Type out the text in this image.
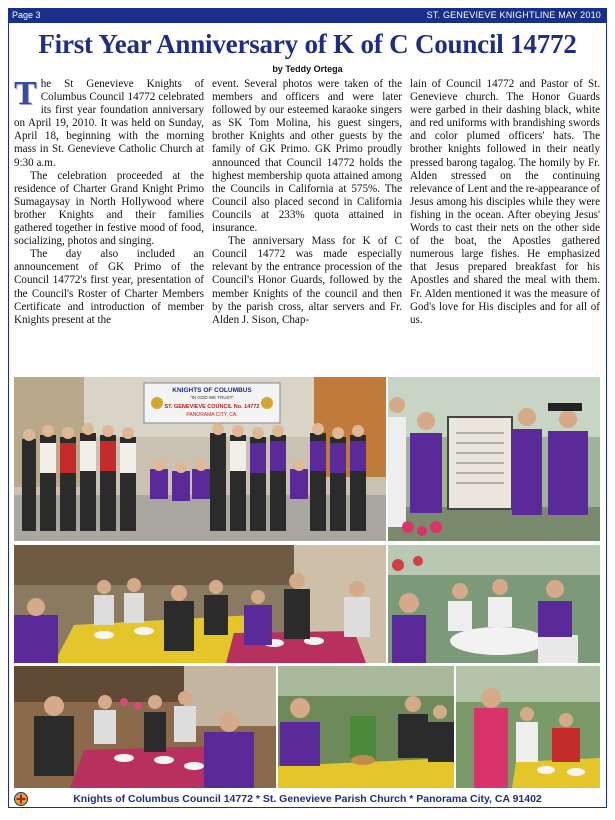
Page 3	ST. GENEVIEVE KNIGHTLINE MAY 2010
First Year Anniversary of K of C Council 14772
by Teddy Ortega

The St Genevieve Knights of Columbus Council 14772 celebrated its first year foundation anniversary on April 19, 2010. It was held on Sunday, April 18, beginning with the morning mass in St. Genevieve Catholic Church at 9:30 a.m.

The celebration proceeded at the residence of Charter Grand Knight Primo Sumagaysay in North Hollywood where brother Knights and their families gathered together in festive mood of food, socializing, photos and singing.

The day also included an announcement of GK Primo of the Council 14772's first year, presentation of the Council's Roster of Charter Members Certificate and introduction of member Knights present at the

event. Several photos were taken of the members and officers and were later followed by our esteemed karaoke singers as SK Tom Molina, his guest singers, brother Knights and other guests by the family of GK Primo. GK Primo proudly announced that Council 14772 holds the highest membership quota attained among the Councils in California at 575%. The Council also placed second in California Councils at 233% quota attained in insurance.

The anniversary Mass for K of C Council 14772 was made especially relevant by the entrance procession of the Council's Honor Guards, followed by the member Knights of the council and then by the parish cross, altar servers and Fr. Alden J. Sison, Chap-

lain of Council 14772 and Pastor of St. Genevieve church. The Honor Guards were garbed in their dashing black, white and red uniforms with brandishing swords and color plumed officers' hats. The brother knights followed in their neatly pressed barong tagalog. The homily by Fr. Alden stressed on the continuing relevance of Lent and the re-appearance of Jesus among his disciples while they were fishing in the ocean. After obeying Jesus' Words to cast their nets on the other side of the boat, the Apostles gathered numerous large fishes. He emphasized that Jesus prepared breakfast for his Apostles and shared the meal with them. Fr. Alden mentioned it was the measure of God's love for His disciples and for all of us.

KNIGHTS OF COLUMBUS
"IN GOD WE TRUST"
ST. GENEVIEVE COUNCIL No. 14772
PANORAMA CITY, CA.
Knights of Columbus Council 14772 * St. Genevieve Parish Church * Panorama City, CA 91402
